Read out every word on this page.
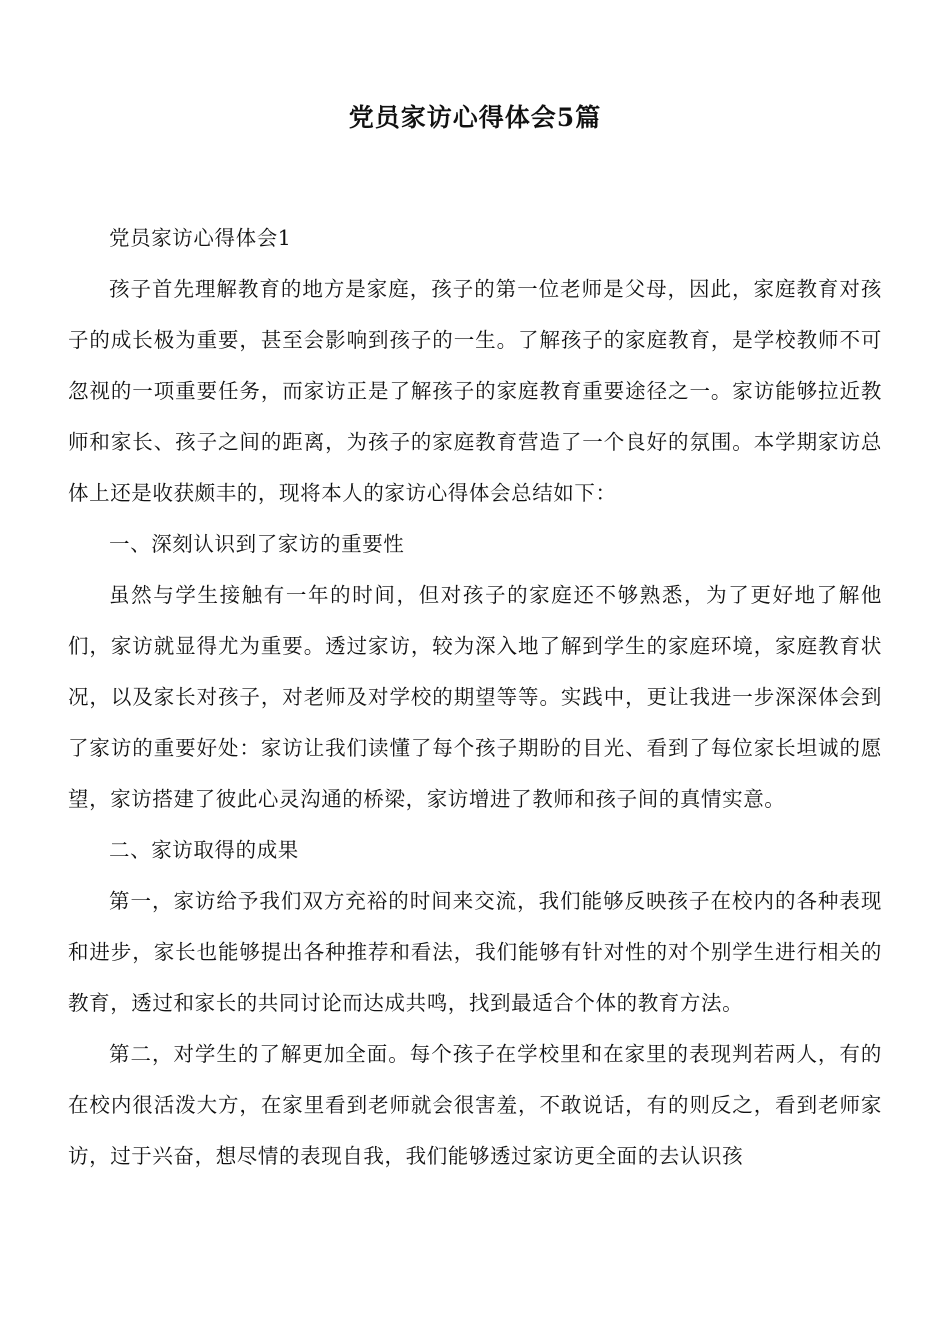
党员家访心得体会5篇

党员家访心得体会1

孩子首先理解教育的地方是家庭，孩子的第一位老师是父母，因此，家庭教育对孩子的成长极为重要，甚至会影响到孩子的一生。了解孩子的家庭教育，是学校教师不可忽视的一项重要任务，而家访正是了解孩子的家庭教育重要途径之一。家访能够拉近教师和家长、孩子之间的距离，为孩子的家庭教育营造了一个良好的氛围。本学期家访总体上还是收获颇丰的，现将本人的家访心得体会总结如下：

一、深刻认识到了家访的重要性

虽然与学生接触有一年的时间，但对孩子的家庭还不够熟悉，为了更好地了解他们，家访就显得尤为重要。透过家访，较为深入地了解到学生的家庭环境，家庭教育状况，以及家长对孩子，对老师及对学校的期望等等。实践中，更让我进一步深深体会到了家访的重要好处：家访让我们读懂了每个孩子期盼的目光、看到了每位家长坦诚的愿望，家访搭建了彼此心灵沟通的桥梁，家访增进了教师和孩子间的真情实意。

二、家访取得的成果

第一，家访给予我们双方充裕的时间来交流，我们能够反映孩子在校内的各种表现和进步，家长也能够提出各种推荐和看法，我们能够有针对性的对个别学生进行相关的教育，透过和家长的共同讨论而达成共鸣，找到最适合个体的教育方法。

第二，对学生的了解更加全面。每个孩子在学校里和在家里的表现判若两人，有的在校内很活泼大方，在家里看到老师就会很害羞，不敢说话，有的则反之，看到老师家访，过于兴奋，想尽情的表现自我，我们能够透过家访更全面的去认识孩
